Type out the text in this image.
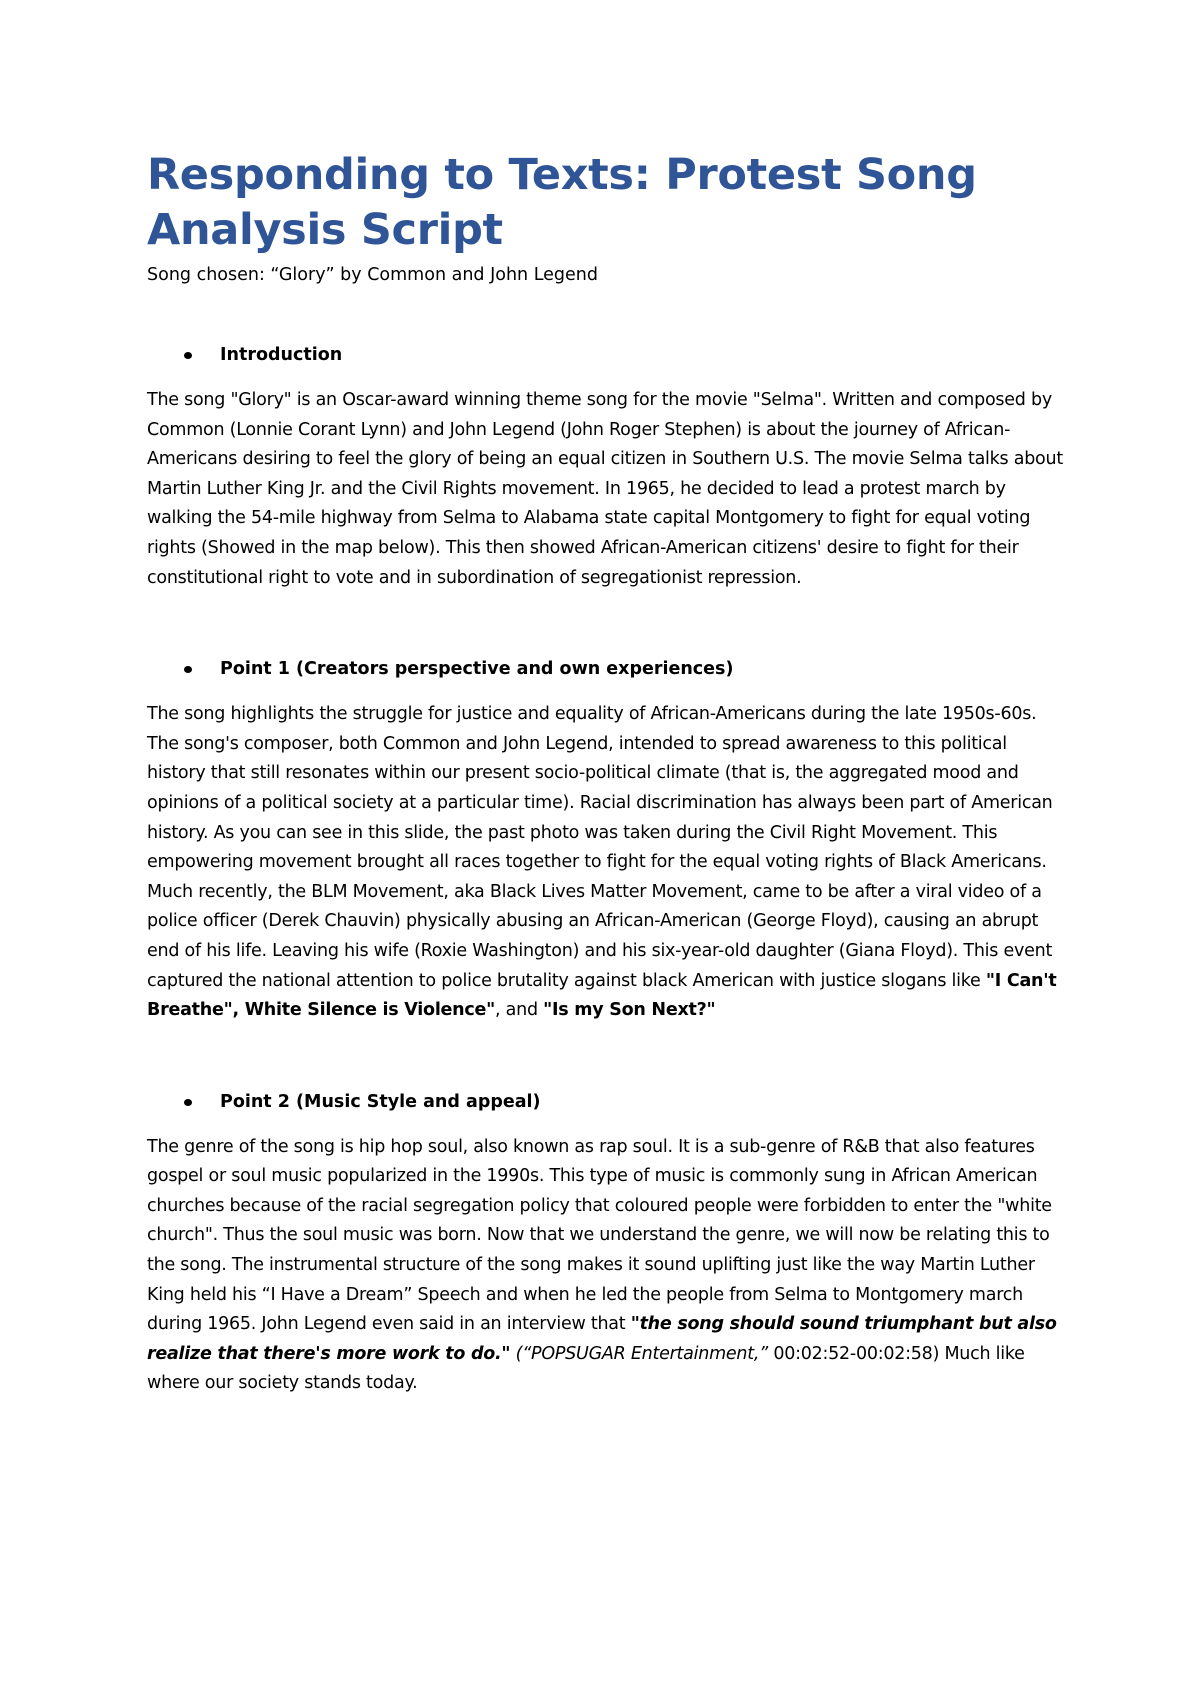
Responding to Texts: Protest Song Analysis Script

Song chosen: “Glory” by Common and John Legend

Introduction

The song "Glory" is an Oscar-award winning theme song for the movie "Selma". Written and composed by Common (Lonnie Corant Lynn) and John Legend (John Roger Stephen) is about the journey of African-Americans desiring to feel the glory of being an equal citizen in Southern U.S. The movie Selma talks about Martin Luther King Jr. and the Civil Rights movement. In 1965, he decided to lead a protest march by walking the 54-mile highway from Selma to Alabama state capital Montgomery to fight for equal voting rights (Showed in the map below). This then showed African-American citizens' desire to fight for their constitutional right to vote and in subordination of segregationist repression.

Point 1 (Creators perspective and own experiences)

The song highlights the struggle for justice and equality of African-Americans during the late 1950s-60s. The song's composer, both Common and John Legend, intended to spread awareness to this political history that still resonates within our present socio-political climate (that is, the aggregated mood and opinions of a political society at a particular time). Racial discrimination has always been part of American history. As you can see in this slide, the past photo was taken during the Civil Right Movement. This empowering movement brought all races together to fight for the equal voting rights of Black Americans. Much recently, the BLM Movement, aka Black Lives Matter Movement, came to be after a viral video of a police officer (Derek Chauvin) physically abusing an African-American (George Floyd), causing an abrupt end of his life. Leaving his wife (Roxie Washington) and his six-year-old daughter (Giana Floyd). This event captured the national attention to police brutality against black American with justice slogans like "I Can't Breathe", White Silence is Violence", and "Is my Son Next?"

Point 2 (Music Style and appeal)

The genre of the song is hip hop soul, also known as rap soul. It is a sub-genre of R&B that also features gospel or soul music popularized in the 1990s. This type of music is commonly sung in African American churches because of the racial segregation policy that coloured people were forbidden to enter the "white church". Thus the soul music was born. Now that we understand the genre, we will now be relating this to the song. The instrumental structure of the song makes it sound uplifting just like the way Martin Luther King held his “I Have a Dream” Speech and when he led the people from Selma to Montgomery march during 1965. John Legend even said in an interview that "the song should sound triumphant but also realize that there's more work to do." (“POPSUGAR Entertainment,” 00:02:52-00:02:58) Much like where our society stands today.
